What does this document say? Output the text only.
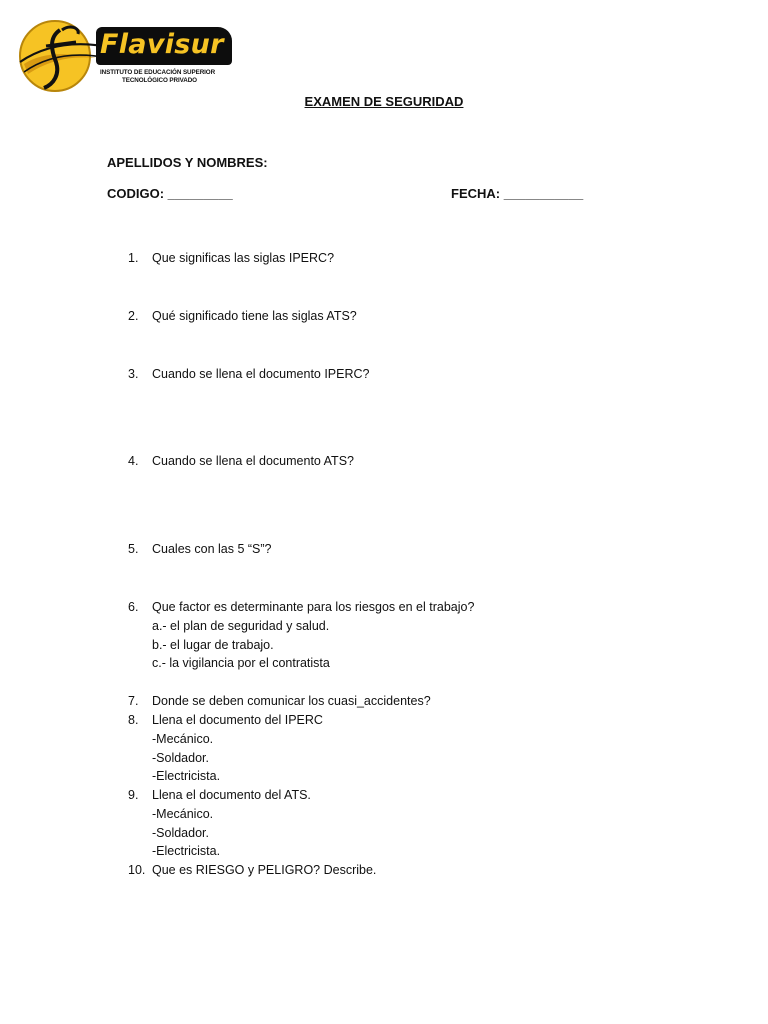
Flavisur
INSTITUTO DE EDUCACIÓN SUPERIOR
TECNOLÓGICO PRIVADO
EXAMEN DE SEGURIDAD
APELLIDOS Y NOMBRES:
CODIGO: _________	FECHA: ___________
1. Que significas las siglas IPERC?
2. Qué significado tiene las siglas ATS?
3. Cuando se llena el documento IPERC?
4. Cuando se llena el documento ATS?
5. Cuales con las 5 “S”?
6. Que factor es determinante para los riesgos en el trabajo?
a.- el plan de seguridad y salud.
b.- el lugar de trabajo.
c.- la vigilancia por el contratista
7. Donde se deben comunicar los cuasi_accidentes?
8. Llena el documento del IPERC
-Mecánico.
-Soldador.
-Electricista.
9. Llena el documento del ATS.
-Mecánico.
-Soldador.
-Electricista.
10. Que es RIESGO y PELIGRO? Describe.
